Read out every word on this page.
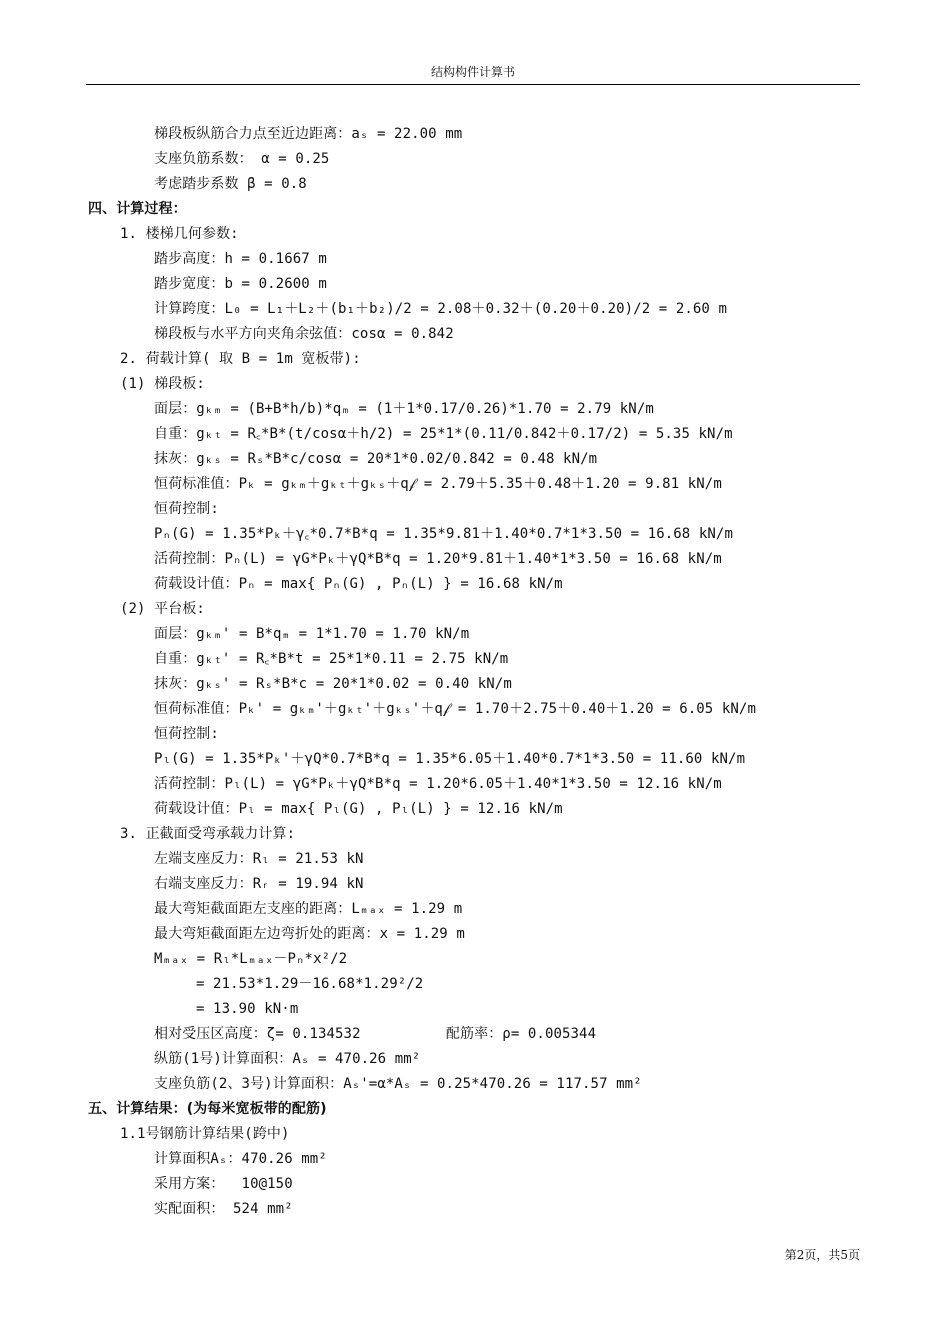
结构构件计算书
梯段板纵筋合力点至近边距离：aₛ = 22.00 mm
支座负筋系数： α = 0.25
考虑踏步系数 β = 0.8
四、计算过程：
1. 楼梯几何参数:
踏步高度：h = 0.1667 m
踏步宽度：b = 0.2600 m
计算跨度：L₀ = L₁＋L₂＋(b₁＋b₂)/2 = 2.08＋0.32＋(0.20＋0.20)/2 = 2.60 m
梯段板与水平方向夹角余弦值：cosα = 0.842
2. 荷载计算( 取 B = 1m 宽板带):
(1) 梯段板:
面层：gₖₘ = (B+B*h/b)*qₘ = (1＋1*0.17/0.26)*1.70 = 2.79 kN/m
自重：gₖₜ = R꜀*B*(t/cosα＋h/2) = 25*1*(0.11/0.842＋0.17/2) = 5.35 kN/m
抹灰：gₖₛ = Rₛ*B*c/cosα = 20*1*0.02/0.842 = 0.48 kN/m
恒荷标准值：Pₖ = gₖₘ＋gₖₜ＋gₖₛ＋q𝒻 = 2.79＋5.35＋0.48＋1.20 = 9.81 kN/m
恒荷控制:
Pₙ(G) = 1.35*Pₖ＋γ꜀*0.7*B*q = 1.35*9.81＋1.40*0.7*1*3.50 = 16.68 kN/m
活荷控制：Pₙ(L) = γG*Pₖ＋γQ*B*q = 1.20*9.81＋1.40*1*3.50 = 16.68 kN/m
荷载设计值：Pₙ = max{ Pₙ(G) , Pₙ(L) } = 16.68 kN/m
(2) 平台板:
面层：gₖₘ' = B*qₘ = 1*1.70 = 1.70 kN/m
自重：gₖₜ' = R꜀*B*t = 25*1*0.11 = 2.75 kN/m
抹灰：gₖₛ' = Rₛ*B*c = 20*1*0.02 = 0.40 kN/m
恒荷标准值：Pₖ' = gₖₘ'＋gₖₜ'＋gₖₛ'＋q𝒻 = 1.70＋2.75＋0.40＋1.20 = 6.05 kN/m
恒荷控制:
Pₗ(G) = 1.35*Pₖ'＋γQ*0.7*B*q = 1.35*6.05＋1.40*0.7*1*3.50 = 11.60 kN/m
活荷控制：Pₗ(L) = γG*Pₖ＋γQ*B*q = 1.20*6.05＋1.40*1*3.50 = 12.16 kN/m
荷载设计值：Pₗ = max{ Pₗ(G) , Pₗ(L) } = 12.16 kN/m
3. 正截面受弯承载力计算:
左端支座反力：Rₗ = 21.53 kN
右端支座反力：Rᵣ = 19.94 kN
最大弯矩截面距左支座的距离：Lₘₐₓ = 1.29 m
最大弯矩截面距左边弯折处的距离：x = 1.29 m
Mₘₐₓ = Rₗ*Lₘₐₓ－Pₙ*x²/2
= 21.53*1.29－16.68*1.29²/2
= 13.90 kN·m
相对受压区高度：ζ= 0.134532          配筋率：ρ= 0.005344
纵筋(1号)计算面积：Aₛ = 470.26 mm²
支座负筋(2、3号)计算面积：Aₛ'=α*Aₛ = 0.25*470.26 = 117.57 mm²
五、计算结果：(为每米宽板带的配筋)
1.1号钢筋计算结果(跨中)
计算面积Aₛ：470.26 mm²
采用方案：  10@150
实配面积： 524 mm²
第2页，共5页
